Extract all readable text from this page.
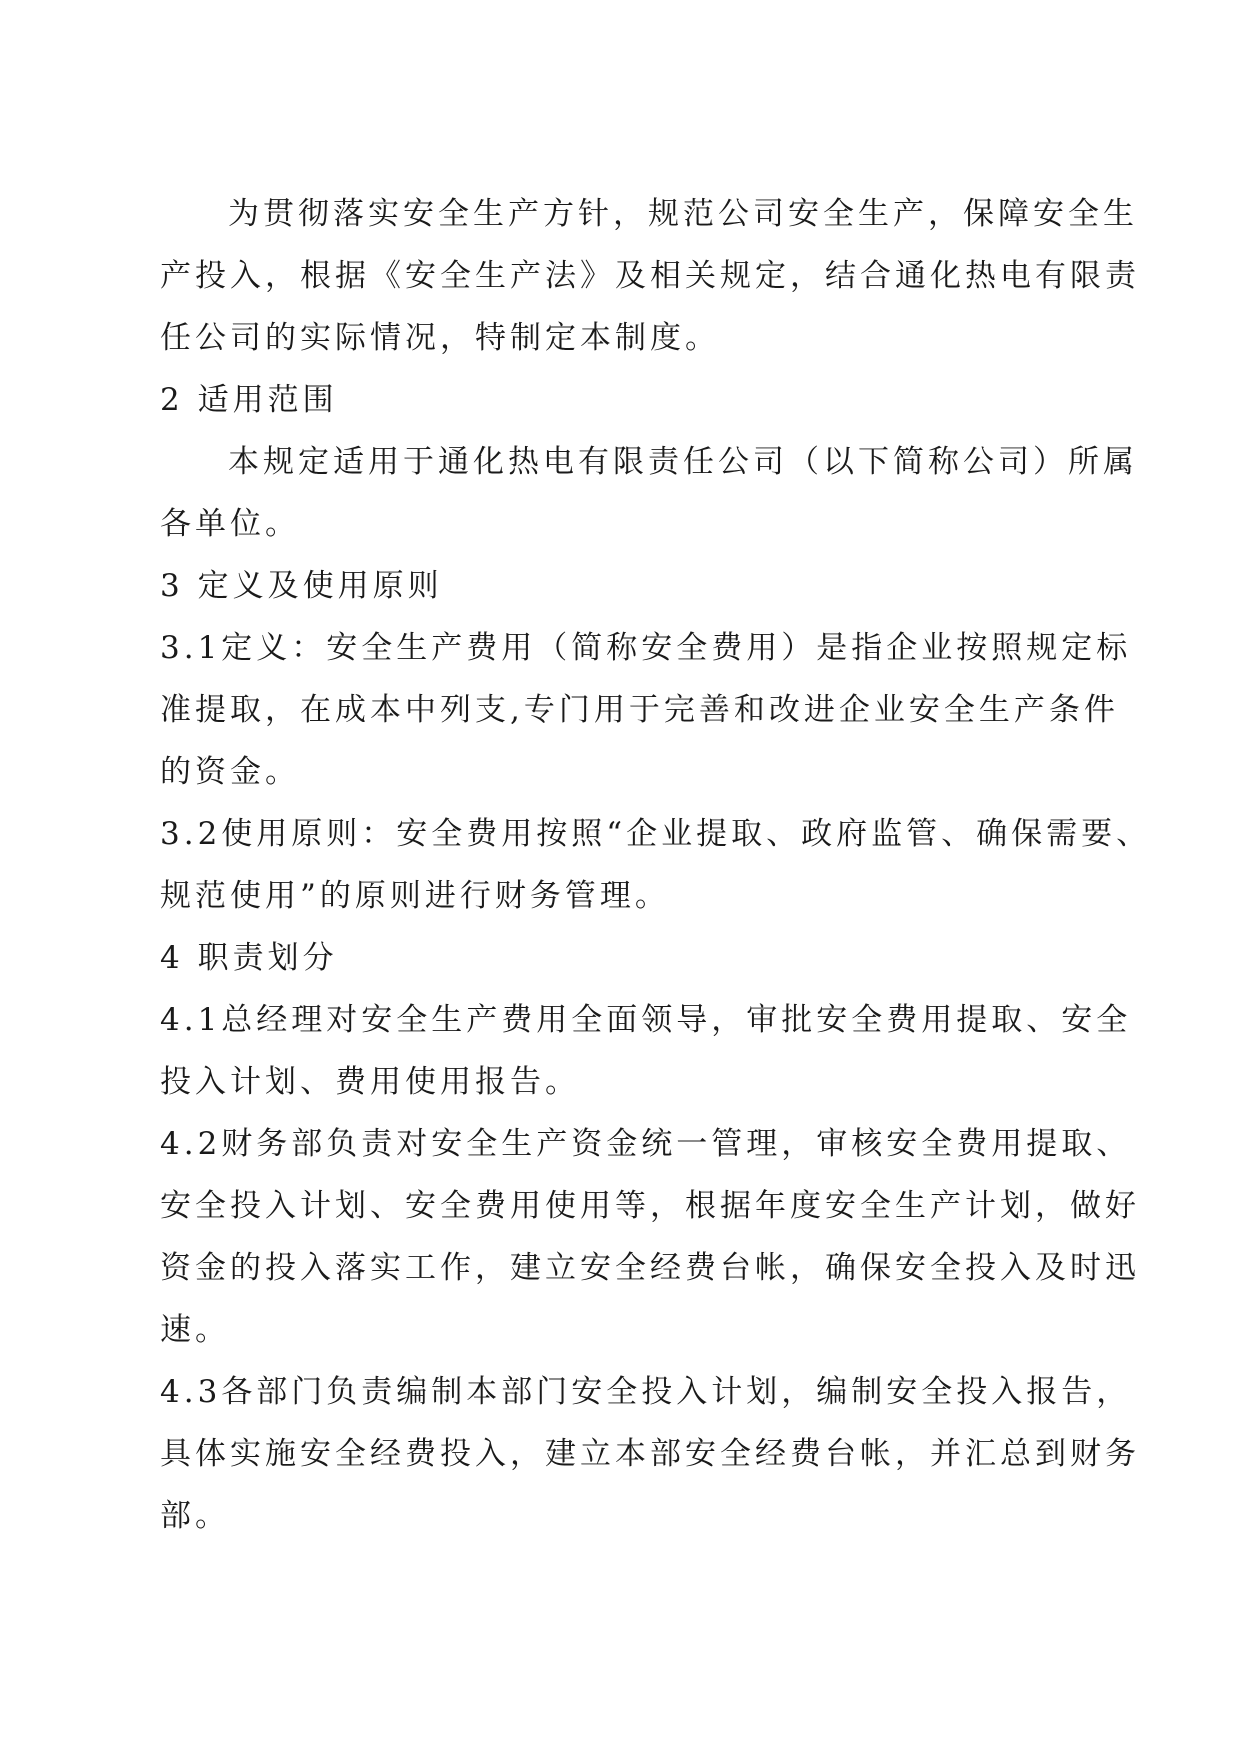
为贯彻落实安全生产方针，规范公司安全生产，保障安全生

产投入，根据《安全生产法》及相关规定，结合通化热电有限责

任公司的实际情况，特制定本制度。

2 适用范围

本规定适用于通化热电有限责任公司（以下简称公司）所属

各单位。

3 定义及使用原则

3.1定义：安全生产费用（简称安全费用）是指企业按照规定标

准提取，在成本中列支,专门用于完善和改进企业安全生产条件

的资金。

3.2使用原则：安全费用按照“企业提取、政府监管、确保需要、

规范使用”的原则进行财务管理。

4 职责划分

4.1总经理对安全生产费用全面领导，审批安全费用提取、安全

投入计划、费用使用报告。

4.2财务部负责对安全生产资金统一管理，审核安全费用提取、

安全投入计划、安全费用使用等，根据年度安全生产计划，做好

资金的投入落实工作，建立安全经费台帐，确保安全投入及时迅

速。

4.3各部门负责编制本部门安全投入计划，编制安全投入报告，

具体实施安全经费投入，建立本部安全经费台帐，并汇总到财务

部。
